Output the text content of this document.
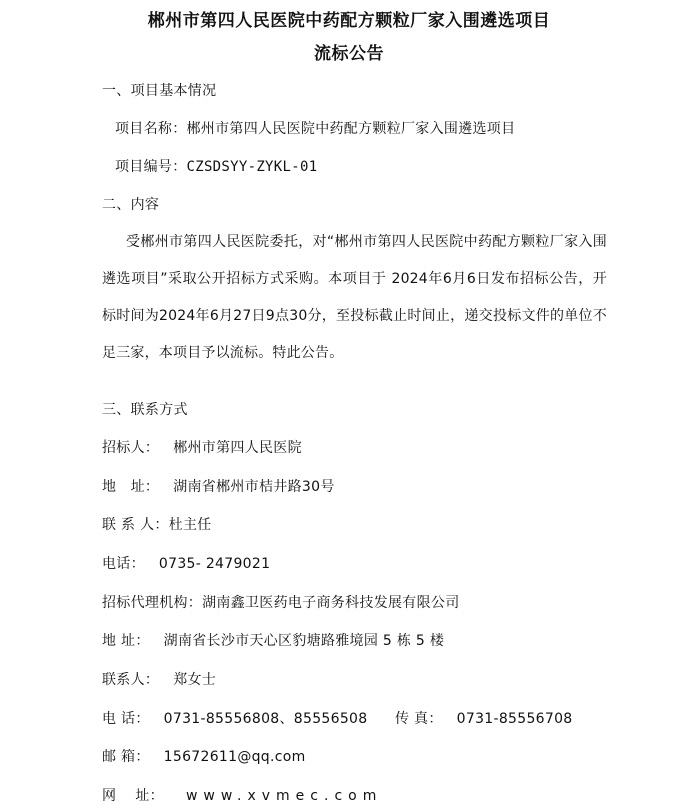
郴州市第四人民医院中药配方颗粒厂家入围遴选项目
流标公告
一、项目基本情况
项目名称：郴州市第四人民医院中药配方颗粒厂家入围遴选项目
项目编号：CZSDSYY-ZYKL-01
二、内容
受郴州市第四人民医院委托，对“郴州市第四人民医院中药配方颗粒厂家入围遴选项目”采取公开招标方式采购。本项目于 2024年6月6日发布招标公告，开标时间为2024年6月27日9点30分，至投标截止时间止，递交投标文件的单位不足三家，本项目予以流标。特此公告。
三、联系方式
招标人： 郴州市第四人民医院
地　址： 湖南省郴州市桔井路30号
联 系 人：杜主任
电话： 0735- 2479021
招标代理机构：湖南鑫卫医药电子商务科技发展有限公司
地 址： 湖南省长沙市天心区豹塘路雅境园 5 栋 5 楼
联系人： 郑女士
电 话： 0731-85556808、85556508 传 真： 0731-85556708
邮 箱： 15672611@qq.com
网　 址： www.xvmec.com
